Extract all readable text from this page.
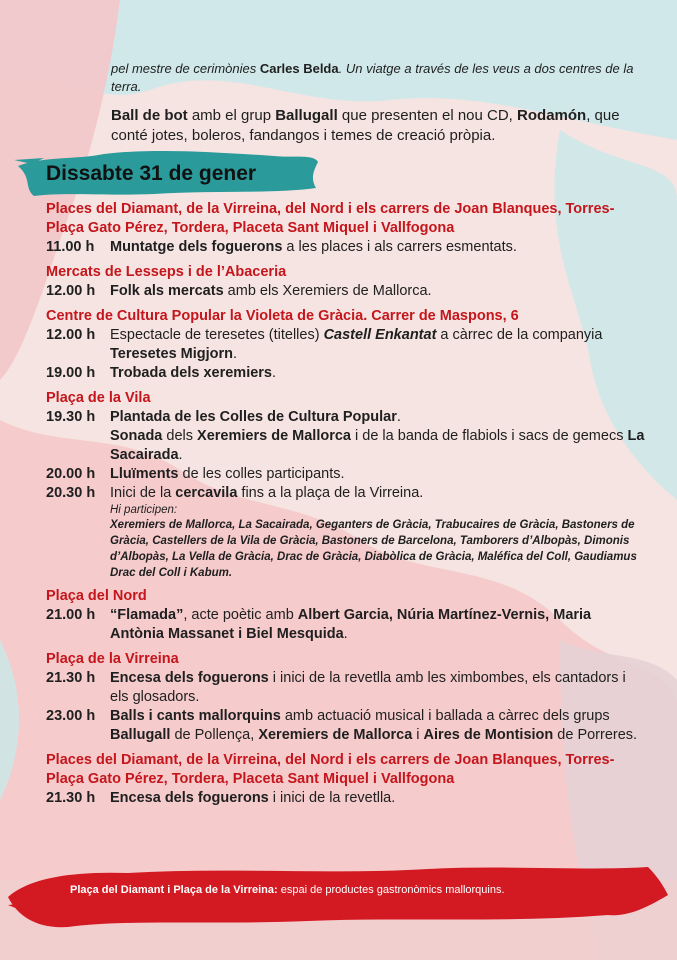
pel mestre de cerimònies Carles Belda. Un viatge a través de les veus a dos centres de la terra.

Ball de bot amb el grup Ballugall que presenten el nou CD, Rodamón, que conté jotes, boleros, fandangos i temes de creació pròpia.

Dissabte 31 de gener
Places del Diamant, de la Virreina, del Nord i els carrers de Joan Blanques, Torres-Plaça Gato Pérez, Tordera, Placeta Sant Miquel i Vallfogona
11.00 h	Muntatge dels foguerons a les places i als carrers esmentats.
Mercats de Lesseps i de l’Abaceria
12.00 h	Folk als mercats amb els Xeremiers de Mallorca.
Centre de Cultura Popular la Violeta de Gràcia. Carrer de Maspons, 6
12.00 h	Espectacle de teresetes (titelles) Castell Enkantat a càrrec de la companyia Teresetes Migjorn.
19.00 h	Trobada dels xeremiers.
Plaça de la Vila
19.30 h	Plantada de les Colles de Cultura Popular.
Sonada dels Xeremiers de Mallorca i de la banda de flabiols i sacs de gemecs La Sacairada.
20.00 h	Lluïments de les colles participants.
20.30 h	Inici de la cercavila fins a la plaça de la Virreina.
Hi participen:
Xeremiers de Mallorca, La Sacairada, Geganters de Gràcia, Trabucaires de Gràcia, Bastoners de Gràcia, Castellers de la Vila de Gràcia, Bastoners de Barcelona, Tamborers d’Albopàs, Dimonis d’Albopàs, La Vella de Gràcia, Drac de Gràcia, Diabòlica de Gràcia, Maléfica del Coll, Gaudiamus Drac del Coll i Kabum.
Plaça del Nord
21.00 h	“Flamada”, acte poètic amb Albert Garcia, Núria Martínez-Vernis, Maria Antònia Massanet i Biel Mesquida.
Plaça de la Virreina
21.30 h	Encesa dels foguerons i inici de la revetlla amb les ximbombes, els cantadors i els glosadors.
23.00 h	Balls i cants mallorquins amb actuació musical i ballada a càrrec dels grups Ballugall de Pollença, Xeremiers de Mallorca i Aires de Montision de Porreres.
Places del Diamant, de la Virreina, del Nord i els carrers de Joan Blanques, Torres-Plaça Gato Pérez, Tordera, Placeta Sant Miquel i Vallfogona
21.30 h	Encesa dels foguerons i inici de la revetlla.
Plaça del Diamant i Plaça de la Virreina: espai de productes gastronòmics mallorquins.
